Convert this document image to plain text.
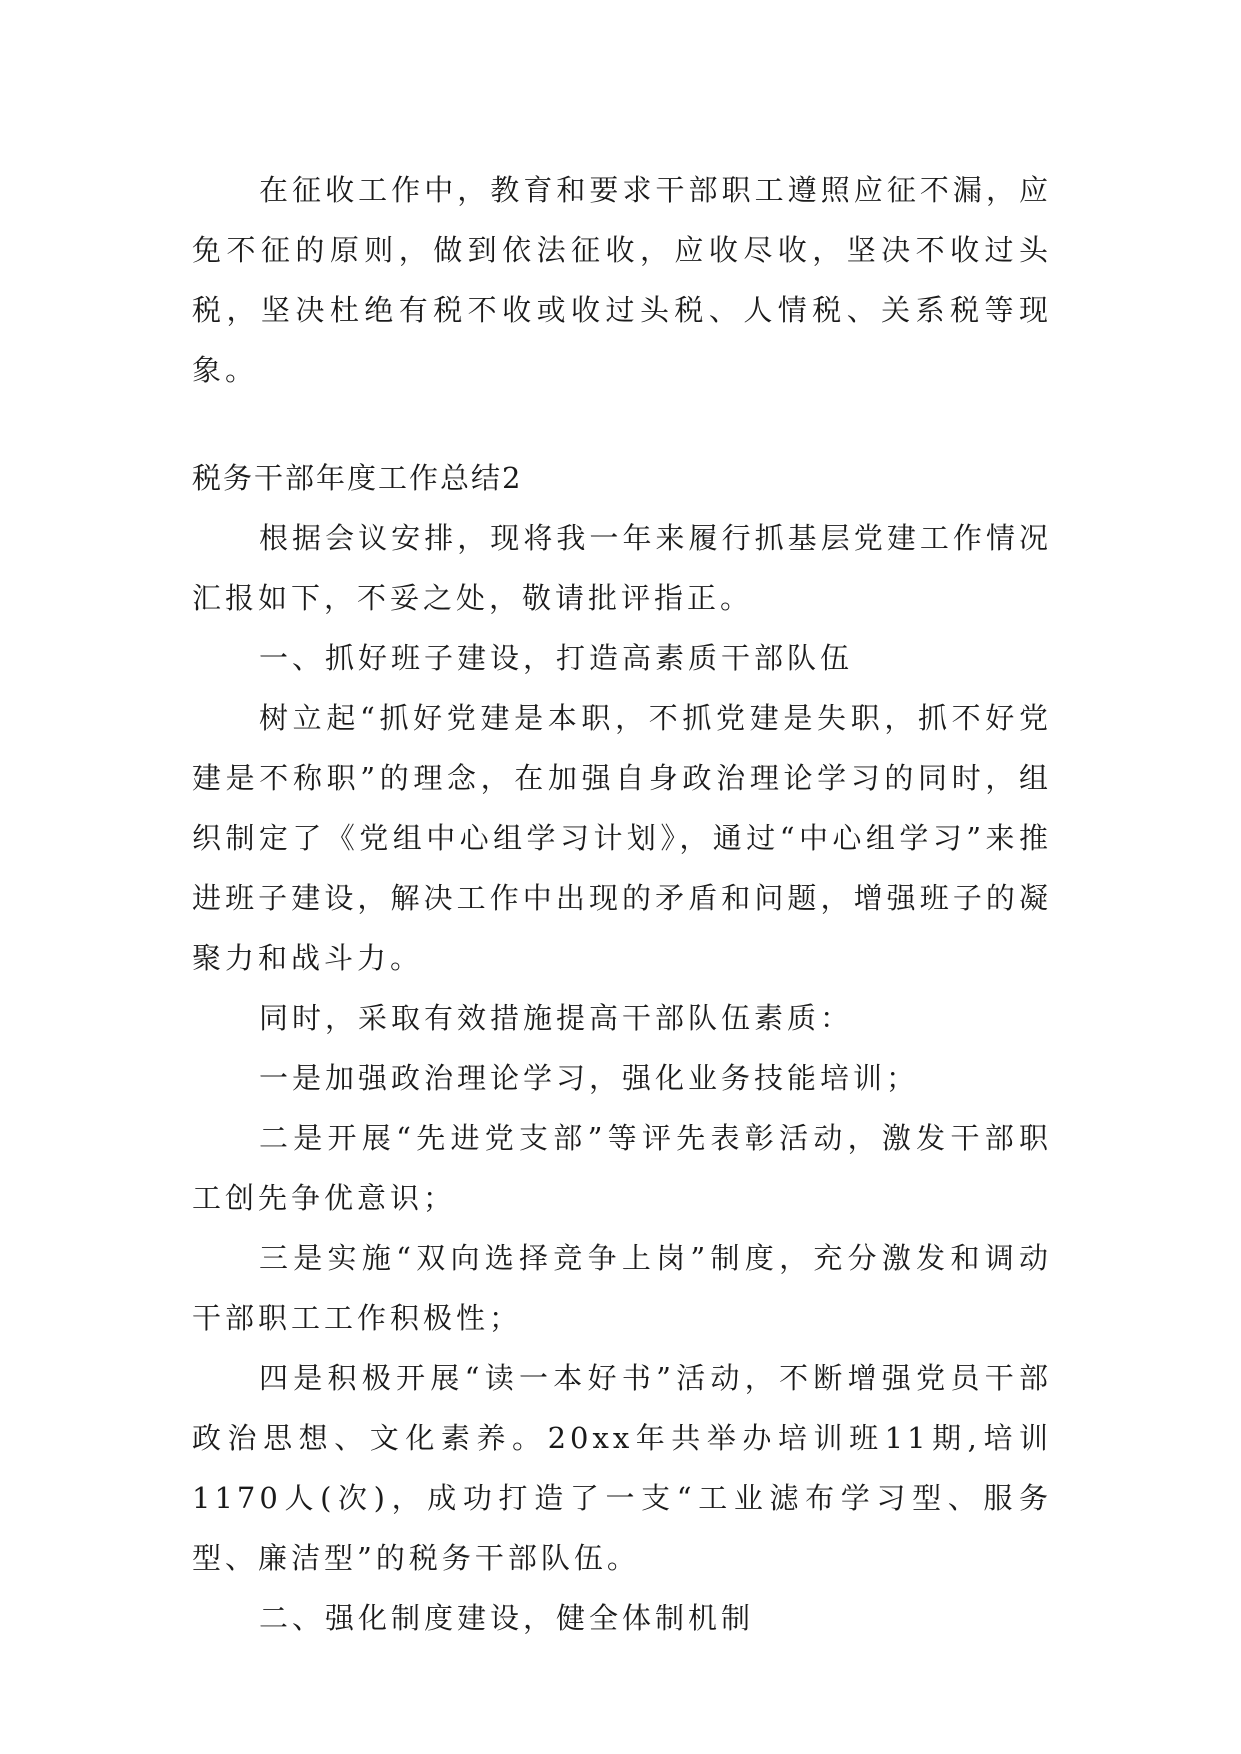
在征收工作中，教育和要求干部职工遵照应征不漏，应免不征的原则，做到依法征收，应收尽收，坚决不收过头税，坚决杜绝有税不收或收过头税、人情税、关系税等现象。

税务干部年度工作总结2

根据会议安排，现将我一年来履行抓基层党建工作情况汇报如下，不妥之处，敬请批评指正。

一、抓好班子建设，打造高素质干部队伍

树立起“抓好党建是本职，不抓党建是失职，抓不好党建是不称职”的理念，在加强自身政治理论学习的同时，组织制定了《党组中心组学习计划》，通过“中心组学习”来推进班子建设，解决工作中出现的矛盾和问题，增强班子的凝聚力和战斗力。

同时，采取有效措施提高干部队伍素质：

一是加强政治理论学习，强化业务技能培训；

二是开展“先进党支部”等评先表彰活动，激发干部职工创先争优意识；

三是实施“双向选择竞争上岗”制度，充分激发和调动干部职工工作积极性；

四是积极开展“读一本好书”活动，不断增强党员干部政治思想、文化素养。20xx年共举办培训班11期,培训1170人(次)，成功打造了一支“工业滤布学习型、服务型、廉洁型”的税务干部队伍。

二、强化制度建设，健全体制机制
